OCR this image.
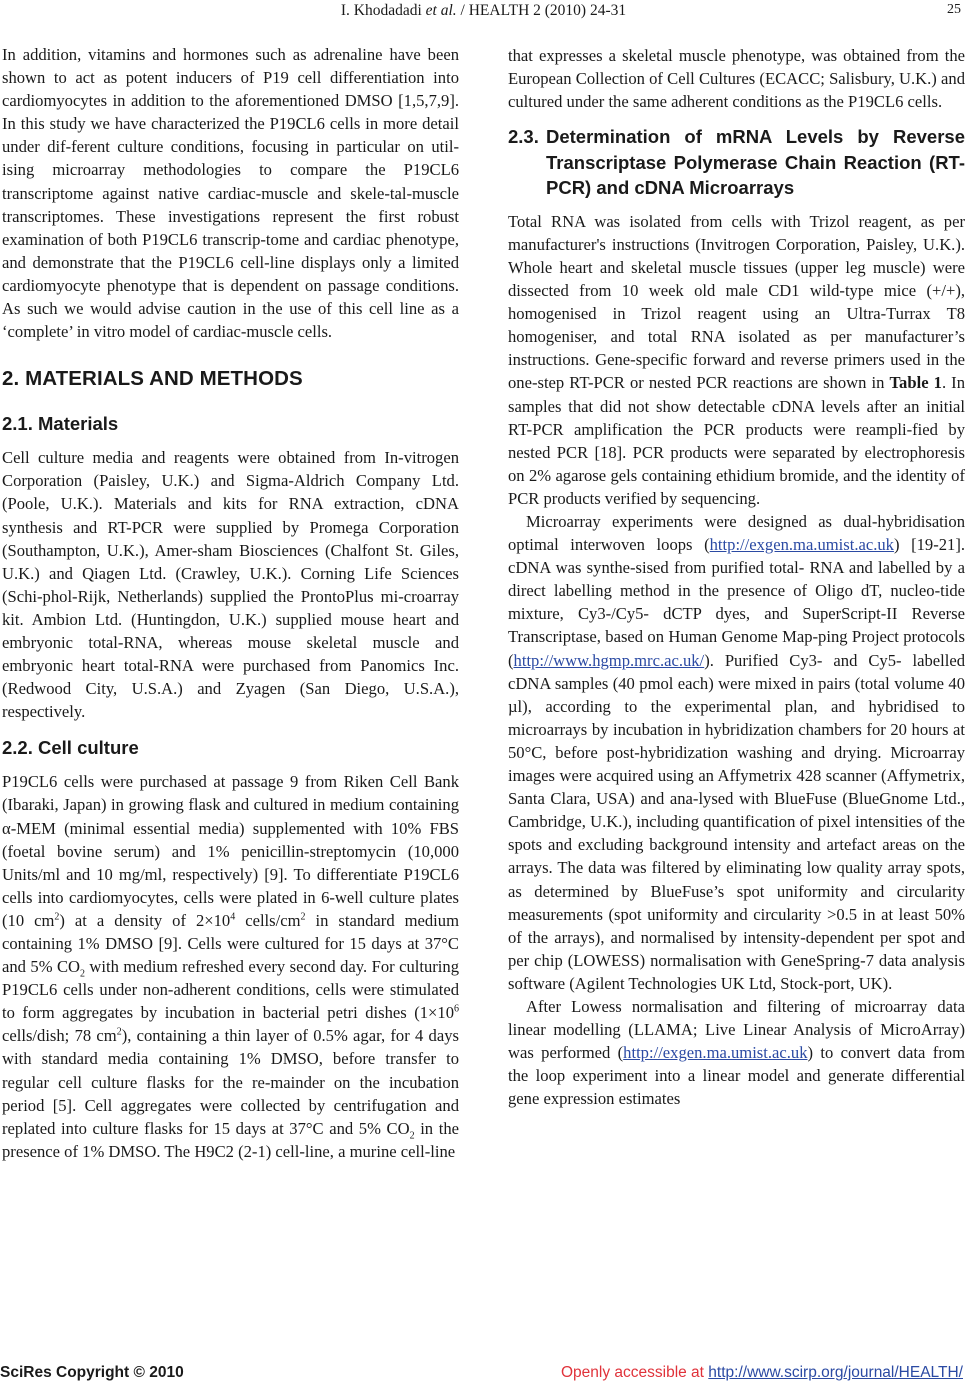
I. Khodadadi et al. / HEALTH 2 (2010) 24-31	25

In addition, vitamins and hormones such as adrenaline have been shown to act as potent inducers of P19 cell differentiation into cardiomyocytes in addition to the aforementioned DMSO [1,5,7,9]. In this study we have characterized the P19CL6 cells in more detail under dif-ferent culture conditions, focusing in particular on util-ising microarray methodologies to compare the P19CL6 transcriptome against native cardiac-muscle and skele-tal-muscle transcriptomes. These investigations represent the first robust examination of both P19CL6 transcrip-tome and cardiac phenotype, and demonstrate that the P19CL6 cell-line displays only a limited cardiomyocyte phenotype that is dependent on passage conditions. As such we would advise caution in the use of this cell line as a ‘complete’ in vitro model of cardiac-muscle cells.

2. MATERIALS AND METHODS
2.1. Materials

Cell culture media and reagents were obtained from In-vitrogen Corporation (Paisley, U.K.) and Sigma-Aldrich Company Ltd. (Poole, U.K.). Materials and kits for RNA extraction, cDNA synthesis and RT-PCR were supplied by Promega Corporation (Southampton, U.K.), Amer-sham Biosciences (Chalfont St. Giles, U.K.) and Qiagen Ltd. (Crawley, U.K.). Corning Life Sciences (Schi-phol-Rijk, Netherlands) supplied the ProntoPlus mi-croarray kit. Ambion Ltd. (Huntingdon, U.K.) supplied mouse heart and embryonic total-RNA, whereas mouse skeletal muscle and embryonic heart total-RNA were purchased from Panomics Inc. (Redwood City, U.S.A.) and Zyagen (San Diego, U.S.A.), respectively.

2.2. Cell culture

P19CL6 cells were purchased at passage 9 from Riken Cell Bank (Ibaraki, Japan) in growing flask and cultured in medium containing α-MEM (minimal essential media) supplemented with 10% FBS (foetal bovine serum) and 1% penicillin-streptomycin (10,000 Units/ml and 10 mg/ml, respectively) [9]. To differentiate P19CL6 cells into cardiomyocytes, cells were plated in 6-well culture plates (10 $cm^2$) at a density of $2\times 10^4$ cells/$cm^2$ in standard medium containing 1% DMSO [9]. Cells were cultured for 15 days at 37°C and 5% $CO_2$ with medium refreshed every second day. For culturing P19CL6 cells under non-adherent conditions, cells were stimulated to form aggregates by incubation in bacterial petri dishes ($1\times 10^6$ cells/dish; 78 $cm^2$), containing a thin layer of 0.5% agar, for 4 days with standard media containing 1% DMSO, before transfer to regular cell culture flasks for the re-mainder on the incubation period [5]. Cell aggregates were collected by centrifugation and replated into culture flasks for 15 days at 37°C and 5% $CO_2$ in the presence of 1% DMSO. The H9C2 (2-1) cell-line, a murine cell-line

that expresses a skeletal muscle phenotype, was obtained from the European Collection of Cell Cultures (ECACC; Salisbury, U.K.) and cultured under the same adherent conditions as the P19CL6 cells.

2.3. Determination of mRNA Levels by Reverse Transcriptase Polymerase Chain Reaction (RT-PCR) and cDNA Microarrays

Total RNA was isolated from cells with Trizol reagent, as per manufacturer's instructions (Invitrogen Corporation, Paisley, U.K.). Whole heart and skeletal muscle tissues (upper leg muscle) were dissected from 10 week old male CD1 wild-type mice (+/+), homogenised in Trizol reagent using an Ultra-Turrax T8 homogeniser, and total RNA isolated as per manufacturer’s instructions. Gene-specific forward and reverse primers used in the one-step RT-PCR or nested PCR reactions are shown in Table 1. In samples that did not show detectable cDNA levels after an initial RT-PCR amplification the PCR products were reampli-fied by nested PCR [18]. PCR products were separated by electrophoresis on 2% agarose gels containing ethidium bromide, and the identity of PCR products verified by sequencing.

Microarray experiments were designed as dual-hybridisation optimal interwoven loops (http://exgen.ma.umist.ac.uk) [19-21]. cDNA was synthe-sised from purified total- RNA and labelled by a direct labelling method in the presence of Oligo dT, nucleo-tide mixture, Cy3-/Cy5- dCTP dyes, and SuperScript-II Reverse Transcriptase, based on Human Genome Map-ping Project protocols (http://www.hgmp.mrc.ac.uk/). Purified Cy3- and Cy5- labelled cDNA samples (40 pmol each) were mixed in pairs (total volume 40 µl), according to the experimental plan, and hybridised to microarrays by incubation in hybridization chambers for 20 hours at 50°C, before post-hybridization washing and drying. Microarray images were acquired using an Affymetrix 428 scanner (Affymetrix, Santa Clara, USA) and ana-lysed with BlueFuse (BlueGnome Ltd., Cambridge, U.K.), including quantification of pixel intensities of the spots and excluding background intensity and artefact areas on the arrays. The data was filtered by eliminating low quality array spots, as determined by BlueFuse’s spot uniformity and circularity measurements (spot uniformity and circularity >0.5 in at least 50% of the arrays), and normalised by intensity-dependent per spot and per chip (LOWESS) normalisation with GeneSpring-7 data analysis software (Agilent Technologies UK Ltd, Stock-port, UK).

After Lowess normalisation and filtering of microarray data linear modelling (LLAMA; Live Linear Analysis of MicroArray) was performed (http://exgen.ma.umist.ac.uk) to convert data from the loop experiment into a linear model and generate differential gene expression estimates

SciRes Copyright © 2010	Openly accessible at http://www.scirp.org/journal/HEALTH/
